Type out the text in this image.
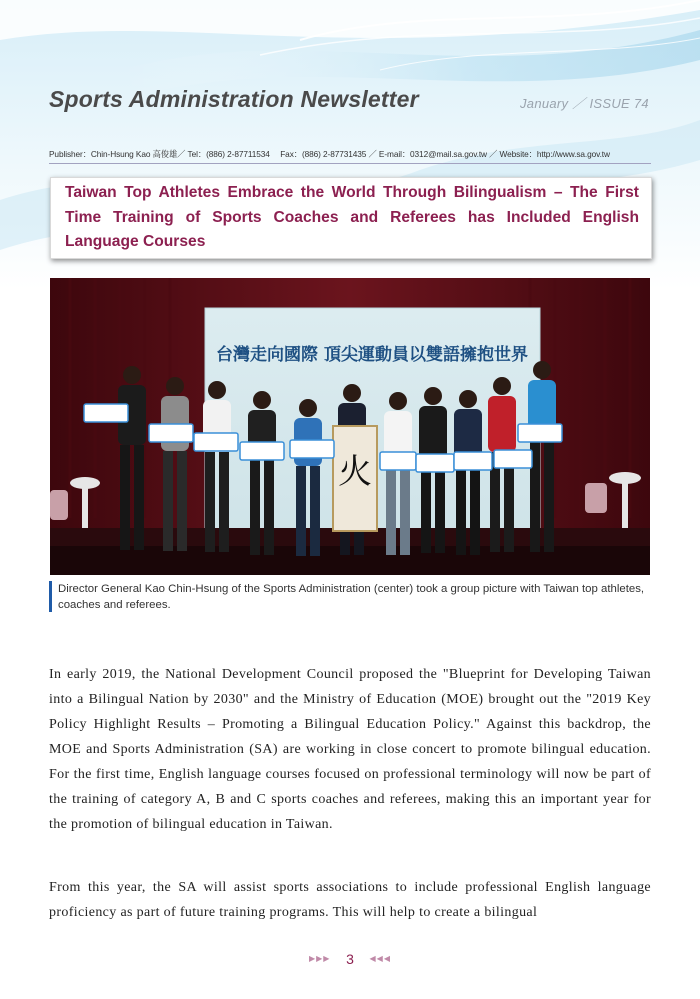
Sports Administration Newsletter	January ／ ISSUE 74
Publisher：Chin-Hsung Kao 高俊雄／ Tel：(886) 2-87711534 　Fax：(886) 2-87731435 ／ E-mail：0312@mail.sa.gov.tw ／ Website：http://www.sa.gov.tw
Taiwan Top Athletes Embrace the World Through Bilingualism – The First Time Training of Sports Coaches and Referees has Included English Language Courses
台灣走向國際 頂尖運動員以雙語擁抱世界
火
Director General Kao Chin-Hsung of the Sports Administration (center) took a group picture with Taiwan top athletes, coaches and referees.
In early 2019, the National Development Council proposed the "Blueprint for Developing Taiwan into a Bilingual Nation by 2030" and the Ministry of Education (MOE) brought out the "2019 Key Policy Highlight Results – Promoting a Bilingual Education Policy." Against this backdrop, the MOE and Sports Administration (SA) are working in close concert to promote bilingual education. For the first time, English language courses focused on professional terminology will now be part of the training of category A, B and C sports coaches and referees, making this an important year for the promotion of bilingual education in Taiwan.
From this year, the SA will assist sports associations to include professional English language proficiency as part of future training programs. This will help to create a bilingual
▶▶▶ 3 ◀◀◀
